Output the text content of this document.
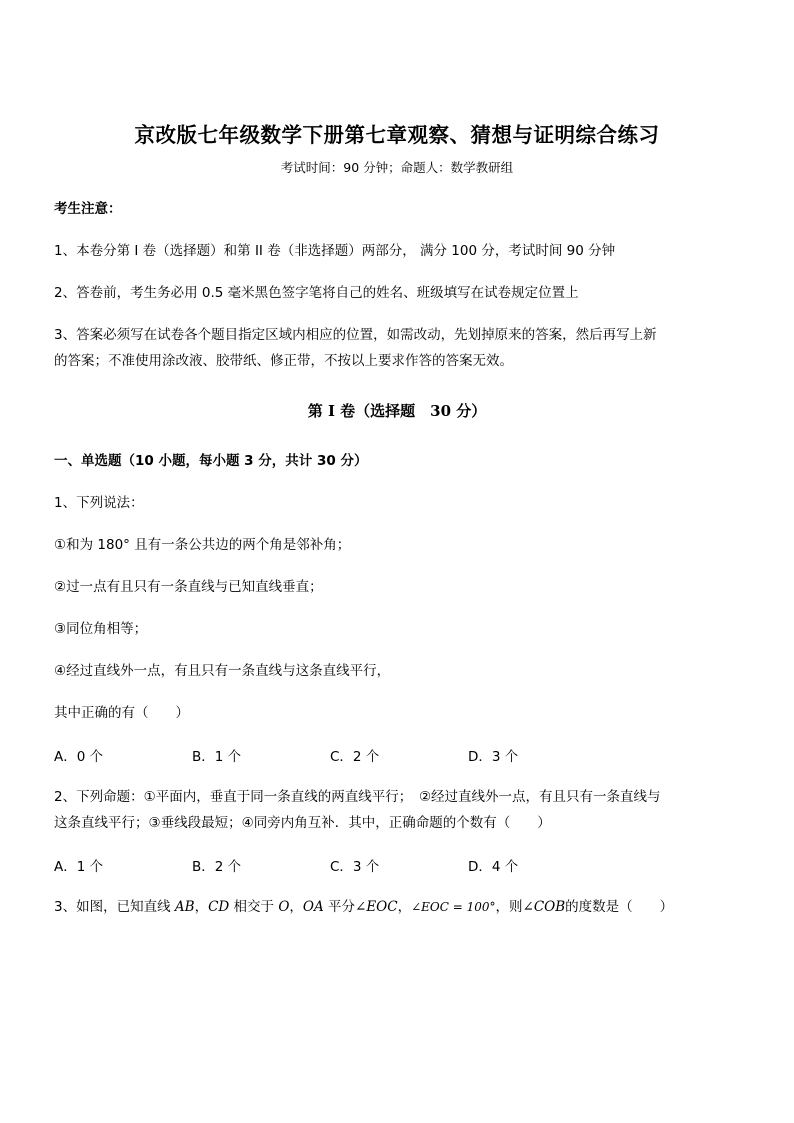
京改版七年级数学下册第七章观察、猜想与证明综合练习
考试时间：90 分钟；命题人：数学教研组
考生注意：
1、本卷分第 I 卷（选择题）和第 II 卷（非选择题）两部分， 满分 100 分，考试时间 90 分钟
2、答卷前，考生务必用 0.5 毫米黑色签字笔将自己的姓名、班级填写在试卷规定位置上
3、答案必须写在试卷各个题目指定区域内相应的位置，如需改动，先划掉原来的答案，然后再写上新
的答案；不准使用涂改液、胶带纸、修正带，不按以上要求作答的答案无效。
第 I 卷（选择题　30 分）
一、单选题（10 小题，每小题 3 分，共计 30 分）
1、下列说法：
①和为 180° 且有一条公共边的两个角是邻补角；
②过一点有且只有一条直线与已知直线垂直；
③同位角相等；
④经过直线外一点，有且只有一条直线与这条直线平行，
其中正确的有（　　）
A．0 个	B．1 个	C．2 个	D．3 个
2、下列命题：①平面内，垂直于同一条直线的两直线平行；　②经过直线外一点，有且只有一条直线与
这条直线平行；③垂线段最短；④同旁内角互补．其中，正确命题的个数有（　　）
A．1 个	B．2 个	C．3 个	D．4 个
3、如图，已知直线 AB，CD 相交于 O，OA 平分∠EOC，∠EOC = 100°，则∠COB的度数是（　　）
